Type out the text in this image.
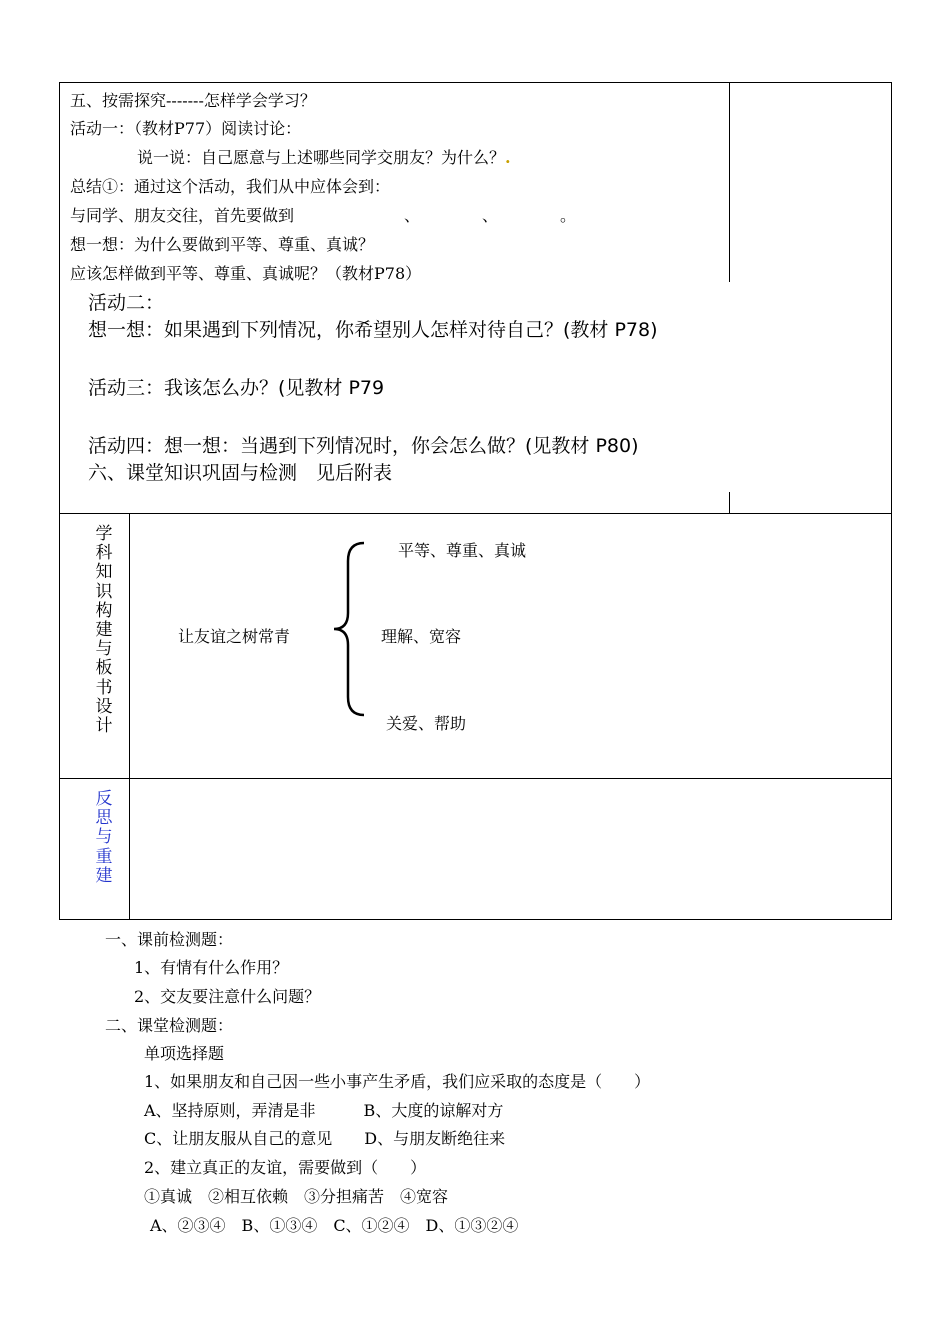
五、按需探究-------怎样学会学习？
活动一：（教材P77）阅读讨论：
说一说：自己愿意与上述哪些同学交朋友？为什么？.
总结①：通过这个活动，我们从中应体会到：
与同学、朋友交往，首先要做到	、	、	。
想一想：为什么要做到平等、尊重、真诚？
应该怎样做到平等、尊重、真诚呢？（教材P78）
活动二：
想一想：如果遇到下列情况，你希望别人怎样对待自己？(教材 P78)
活动三：我该怎么办？(见教材 P79
活动四：想一想：当遇到下列情况时，你会怎么做？(见教材 P80)
六、课堂知识巩固与检测　见后附表
学科知识构建与板书设计
让友谊之树常青
平等、尊重、真诚
理解、宽容
关爱、帮助
反思与重建
一、课前检测题：
1、有情有什么作用？
2、交友要注意什么问题？
二、课堂检测题：
单项选择题
1、如果朋友和自己因一些小事产生矛盾，我们应采取的态度是（　　）
A、坚持原则，弄清是非　　　B、大度的谅解对方
C、让朋友服从自己的意见　　D、与朋友断绝往来
2、建立真正的友谊，需要做到（　　）
①真诚　②相互依赖　③分担痛苦　④宽容
A、②③④　B、①③④　C、①②④　D、①③②④
